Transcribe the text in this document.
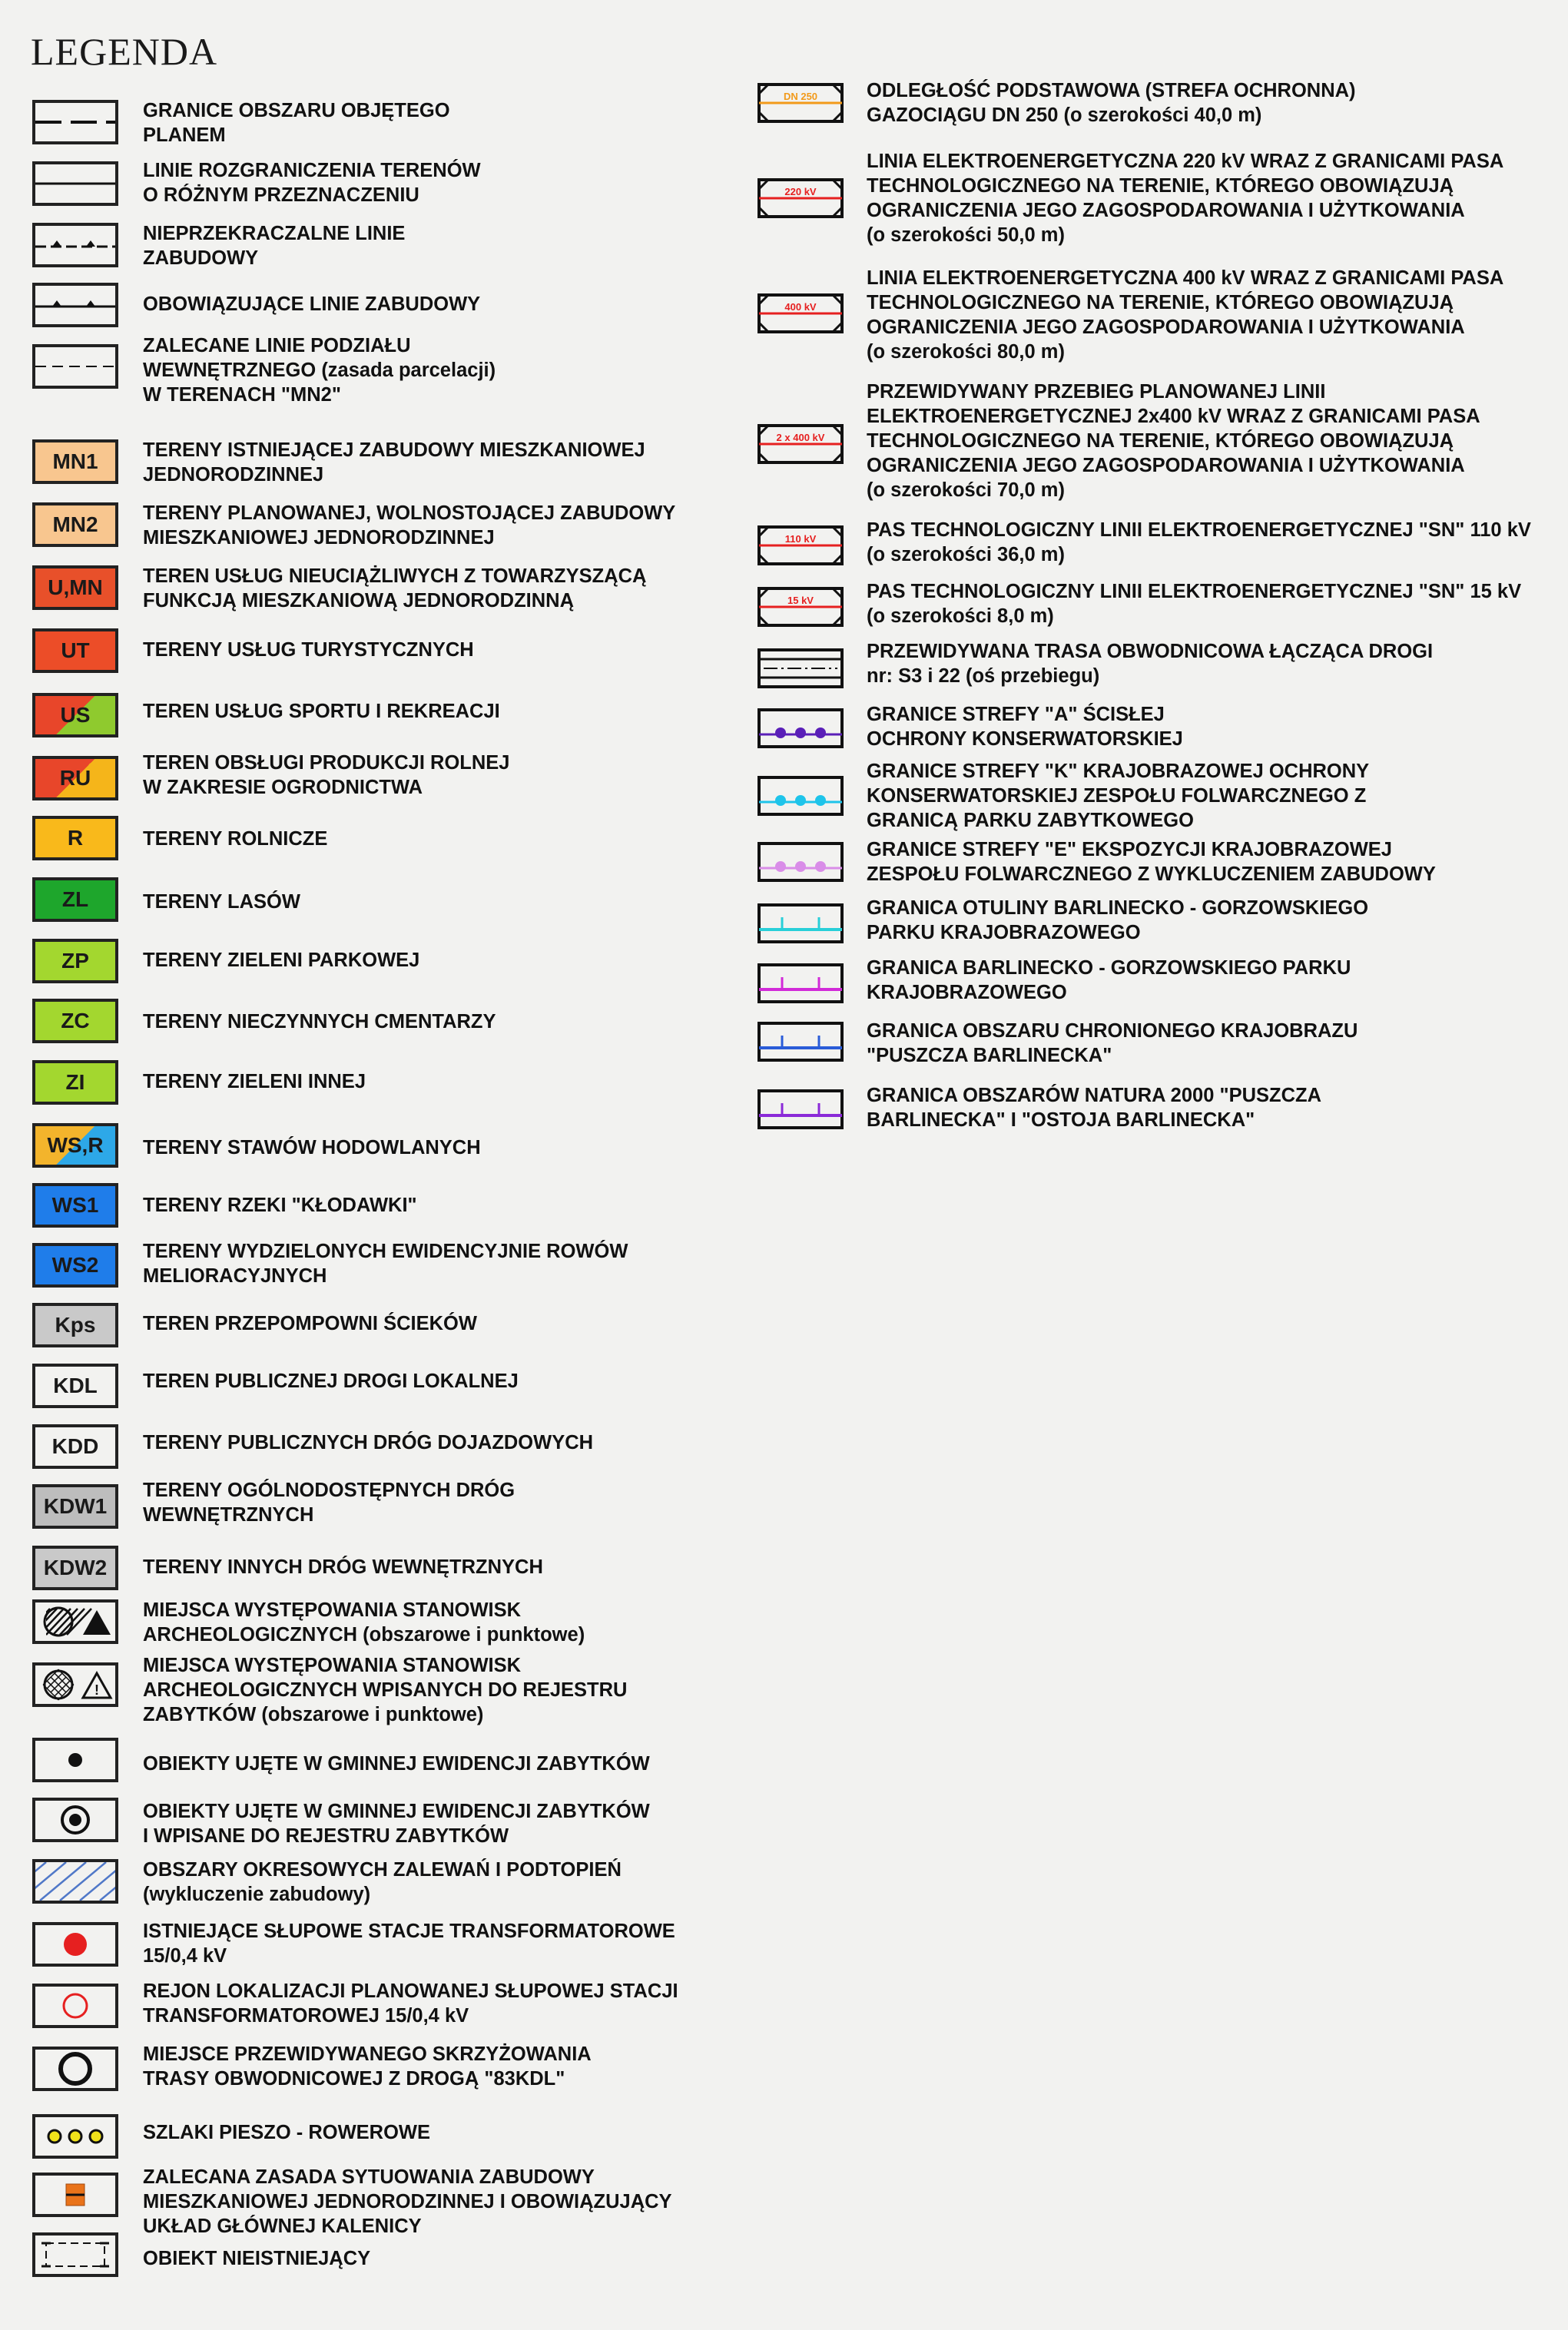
LEGENDA
GRANICE OBSZARU OBJĘTEGO
PLANEM
LINIE ROZGRANICZENIA TERENÓW
O RÓŻNYM PRZEZNACZENIU
NIEPRZEKRACZALNE LINIE
ZABUDOWY
OBOWIĄZUJĄCE LINIE ZABUDOWY
ZALECANE LINIE PODZIAŁU
WEWNĘTRZNEGO (zasada parcelacji)
W TERENACH "MN2"
MN1 TERENY ISTNIEJĄCEJ ZABUDOWY MIESZKANIOWEJ
JEDNORODZINNEJ
MN2 TERENY PLANOWANEJ, WOLNOSTOJĄCEJ ZABUDOWY
MIESZKANIOWEJ JEDNORODZINNEJ
U,MN TEREN USŁUG NIEUCIĄŻLIWYCH Z TOWARZYSZĄCĄ
FUNKCJĄ MIESZKANIOWĄ JEDNORODZINNĄ
UT	TERENY USŁUG TURYSTYCZNYCH
US	TEREN USŁUG SPORTU I REKREACJI
RU
TEREN OBSŁUGI PRODUKCJI ROLNEJ
W ZAKRESIE OGRODNICTWA
R	TERENY ROLNICZE
ZL	TERENY LASÓW
ZP	TERENY ZIELENI PARKOWEJ
ZC	TERENY NIECZYNNYCH CMENTARZY
ZI	TERENY ZIELENI INNEJ
WS,R TERENY STAWÓW HODOWLANYCH
WS1 TERENY RZEKI "KŁODAWKI"
WS2
TERENY WYDZIELONYCH EWIDENCYJNIE ROWÓW
MELIORACYJNYCH
Kps TEREN PRZEPOMPOWNI ŚCIEKÓW
KDL TEREN PUBLICZNEJ DROGI LOKALNEJ
KDD TERENY PUBLICZNYCH DRÓG DOJAZDOWYCH
KDW1
TERENY OGÓLNODOSTĘPNYCH DRÓG
WEWNĘTRZNYCH
KDW2 TERENY INNYCH DRÓG WEWNĘTRZNYCH
MIEJSCA WYSTĘPOWANIA STANOWISK
ARCHEOLOGICZNYCH (obszarowe i punktowe)
!
MIEJSCA WYSTĘPOWANIA STANOWISK
ARCHEOLOGICZNYCH WPISANYCH DO REJESTRU
ZABYTKÓW (obszarowe i punktowe)
OBIEKTY UJĘTE W GMINNEJ EWIDENCJI ZABYTKÓW
OBIEKTY UJĘTE W GMINNEJ EWIDENCJI ZABYTKÓW
I WPISANE DO REJESTRU ZABYTKÓW
OBSZARY OKRESOWYCH ZALEWAŃ I PODTOPIEŃ
(wykluczenie zabudowy)
ISTNIEJĄCE SŁUPOWE STACJE TRANSFORMATOROWE
15/0,4 kV
REJON LOKALIZACJI PLANOWANEJ SŁUPOWEJ STACJI
TRANSFORMATOROWEJ 15/0,4 kV
MIEJSCE PRZEWIDYWANEGO SKRZYŻOWANIA
TRASY OBWODNICOWEJ Z DROGĄ "83KDL"
SZLAKI PIESZO - ROWEROWE
ZALECANA ZASADA SYTUOWANIA ZABUDOWY
MIESZKANIOWEJ JEDNORODZINNEJ I OBOWIĄZUJĄCY
UKŁAD GŁÓWNEJ KALENICY
OBIEKT NIEISTNIEJĄCY
DN 250	ODLEGŁOŚĆ PODSTAWOWA (STREFA OCHRONNA)
GAZOCIĄGU DN 250 (o szerokości 40,0 m)
220 kV
LINIA ELEKTROENERGETYCZNA 220 kV WRAZ Z GRANICAMI PASA
TECHNOLOGICZNEGO NA TERENIE, KTÓREGO OBOWIĄZUJĄ
OGRANICZENIA JEGO ZAGOSPODAROWANIA I UŻYTKOWANIA
(o szerokości 50,0 m)
400 kV
LINIA ELEKTROENERGETYCZNA 400 kV WRAZ Z GRANICAMI PASA
TECHNOLOGICZNEGO NA TERENIE, KTÓREGO OBOWIĄZUJĄ
OGRANICZENIA JEGO ZAGOSPODAROWANIA I UŻYTKOWANIA
(o szerokości 80,0 m)
2 x 400 kV
PRZEWIDYWANY PRZEBIEG PLANOWANEJ LINII
ELEKTROENERGETYCZNEJ 2x400 kV WRAZ Z GRANICAMI PASA
TECHNOLOGICZNEGO NA TERENIE, KTÓREGO OBOWIĄZUJĄ
OGRANICZENIA JEGO ZAGOSPODAROWANIA I UŻYTKOWANIA
(o szerokości 70,0 m)
110 kV	PAS TECHNOLOGICZNY LINII ELEKTROENERGETYCZNEJ "SN" 110 kV
(o szerokości 36,0 m)
15 kV	PAS TECHNOLOGICZNY LINII ELEKTROENERGETYCZNEJ "SN" 15 kV
(o szerokości 8,0 m)
PRZEWIDYWANA TRASA OBWODNICOWA ŁĄCZĄCA DROGI
nr: S3 i 22 (oś przebiegu)
GRANICE STREFY "A" ŚCISŁEJ
OCHRONY KONSERWATORSKIEJ
GRANICE STREFY "K" KRAJOBRAZOWEJ OCHRONY
KONSERWATORSKIEJ ZESPOŁU FOLWARCZNEGO Z
GRANICĄ PARKU ZABYTKOWEGO
GRANICE STREFY "E" EKSPOZYCJI KRAJOBRAZOWEJ
ZESPOŁU FOLWARCZNEGO Z WYKLUCZENIEM ZABUDOWY
GRANICA OTULINY BARLINECKO - GORZOWSKIEGO
PARKU KRAJOBRAZOWEGO
GRANICA BARLINECKO - GORZOWSKIEGO PARKU
KRAJOBRAZOWEGO
GRANICA OBSZARU CHRONIONEGO KRAJOBRAZU
"PUSZCZA BARLINECKA"
GRANICA OBSZARÓW NATURA 2000 "PUSZCZA
BARLINECKA" I "OSTOJA BARLINECKA"
